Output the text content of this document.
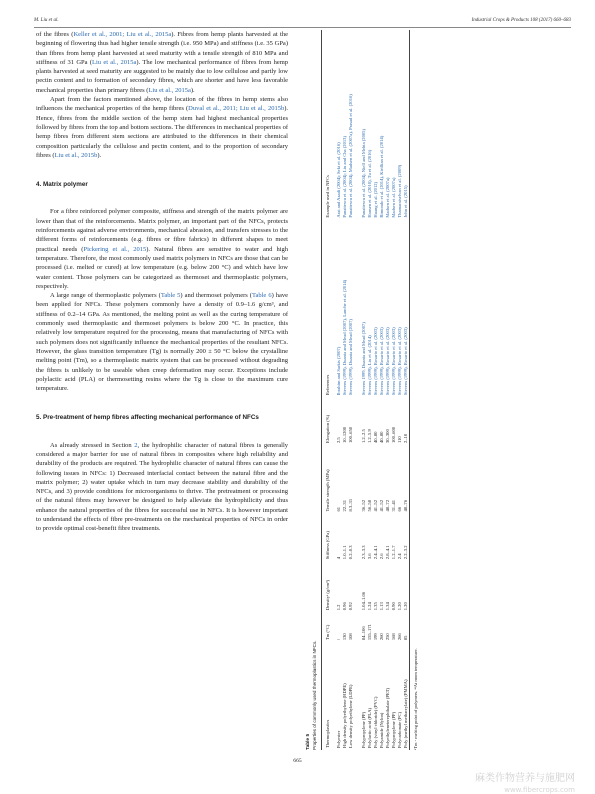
M. Liu et al.	Industrial Crops & Products 108 (2017) 660–683

of the fibres (Keller et al., 2001; Liu et al., 2015a). Fibres from hemp plants harvested at the beginning of flowering thus had higher tensile strength (i.e. 950 MPa) and stiffness (i.e. 35 GPa) than fibres from hemp plant harvested at seed maturity with a tensile strength of 810 MPa and stiffness of 31 GPa (Liu et al., 2015a). The low mechanical performance of fibres from hemp plants harvested at seed maturity are suggested to be mainly due to low cellulose and partly low pectin content and to formation of secondary fibres, which are shorter and have less favorable mechanical properties than primary fibres (Liu et al., 2015a).

Apart from the factors mentioned above, the location of the fibres in hemp stems also influences the mechanical properties of the hemp fibres (Duval et al., 2011; Liu et al., 2015b). Hence, fibres from the middle section of the hemp stem had highest mechanical properties followed by fibres from the top and bottom sections. The differences in mechanical properties of hemp fibres from different stem sections are attributed to the differences in their chemical composition particularly the cellulose and pectin content, and to the proportion of secondary fibres (Liu et al., 2015b).

4. Matrix polymer

For a fibre reinforced polymer composite, stiffness and strength of the matrix polymer are lower than that of the reinforcements. Matrix polymer, an important part of the NFCs, protects reinforcements against adverse environments, mechanical abrasion, and transfers stresses to the different forms of reinforcements (e.g. fibres or fibre fabrics) in different shapes to meet practical needs (Pickering et al., 2015). Natural fibres are sensitive to water and high temperature. Therefore, the most commonly used matrix polymers in NFCs are those that can be processed (i.e. melted or cured) at low temperature (e.g. below 200 °C) and which have low water content. Those polymers can be categorized as thermoset and thermoplastic polymers, respectively.

A large range of thermoplastic polymers (Table 5) and thermoset polymers (Table 6) have been applied for NFCs. These polymers commonly have a density of 0.9–1.6 g/cm³, and stiffness of 0.2–14 GPa. As mentioned, the melting point as well as the curing temperature of commonly used thermoplastic and thermoset polymers is below 200 °C. In practice, this relatively low temperature required for the processing, means that manufacturing of NFCs with such polymers does not significantly influence the mechanical properties of the resultant NFCs. However, the glass transition temperature (Tg) is normally 200 ± 50 °C below the crystalline melting point (Tm), so a thermoplastic matrix system that can be processed without degrading the fibres is unlikely to be useable when creep deformation may occur. Exceptions include polylactic acid (PLA) or thermosetting resins where the Tg is close to the maximum cure temperature.

5. Pre-treatment of hemp fibres affecting mechanical performance of NFCs

As already stressed in Section 2, the hydrophilic character of natural fibres is generally considered a major barrier for use of natural fibres in composites where high reliability and durability of the products are required. The hydrophilic character of natural fibres can cause the following issues in NFCs: 1) Decreased interfacial contact between the natural fibre and the matrix polymer; 2) water uptake which in turn may decrease stability and durability of the NFCs, and 3) provide conditions for microorganisms to thrive. The pretreatment or processing of the natural fibres may however be designed to help alleviate the hydrophilicity and thus enhance the natural properties of the fibres for successful use in NFCs. It is however important to understand the effects of fibre pre-treatments on the mechanical properties of NFCs in order to provide optimal cost-benefit fibre treatments.

Table 5 Properties of commonly used thermoplastics in NFCs. Thermoplastics	Tm (°C)	Densityᵃ (g/cm³)	Stiffness (GPa)	Tensile strength (MPa)	Elongation (%)	References	Example used in NFCs
Polyester	/	1.2	4	61	2.5	Ibrahim and Sarkis (2007)	Arai and Azadi (2004); Sekt et al. (2016)
High density polyethylene (HDPE)	130	0.96	1.0–1.1	22–31	10–1200	Stevens (1999), Duania and Mead (2007), Lanche et al. (2014)	Panaitescu et al. (2004); Liu and Cha (2013)
Low density polyethylene (LDPE)	108	0.92	0.2–0.3	8.3–31	100–650	Stevens (1999), Duania and Mead (2007)	Panaitescu et al. (2004), Madsen et al. (2007a), Prasad et al. (2016)
Polypropylene (PP)	84–106	1.04–1.06	2.3–3.3	36–52	1.2–2.5	Stevens 1999, Duania and Mead (2007)	Panaitescu et al. (2004), Niell and Mehta (2005)
Polylactic acid (PLA)	155–171	1.24	3.6	56–58	1.2–5.9	Stevens (1999), Liu et al. (2014)	Hansen et al. (2010), Tu et al. (2016)
Poly (vinyl chloride) (PVC)	199	1.35	2.4–4.1	41–52	40–80	Stevens (1999), Rosario et al. (2003)	Huang et al. (2012)
Polyamide (Nylon)	260	1.13	2.6	41–52	40–80	Stevens (1999), Rosario et al. (2003)	Rimondo et al. (2014), Kirillian et al. (2014)
Polyethyleneterephthalate (PET)	250	1.34	2.8–4.1	48–72	30–300	Stevens (1999), Rosario et al. (2003)	Madsen et al. (2007a)
Polypropylene (PP)	168	0.90	1.2–1.7	31–41	100–600	Stevens (1999), Rosario et al. (2003)	Madsen et al. (2007a)
Polycarbonate (PC)	266	1.20	2.4	66	110	Stevens (1999), Rosario et al. (2003)	Thamaraiselvan et al. (2009)
Poly (methyl methacrylate) (PMMA)	85	1.20	2.2–3.2	48–76	2–10	Stevens (1999), Rosario et al. (2003)	John et al. (2015)
ᵃTm - melting point of polymers. ᵃᵃAt room temperature.
665
麻类作物营养与施肥网
www.fibercrops.com
